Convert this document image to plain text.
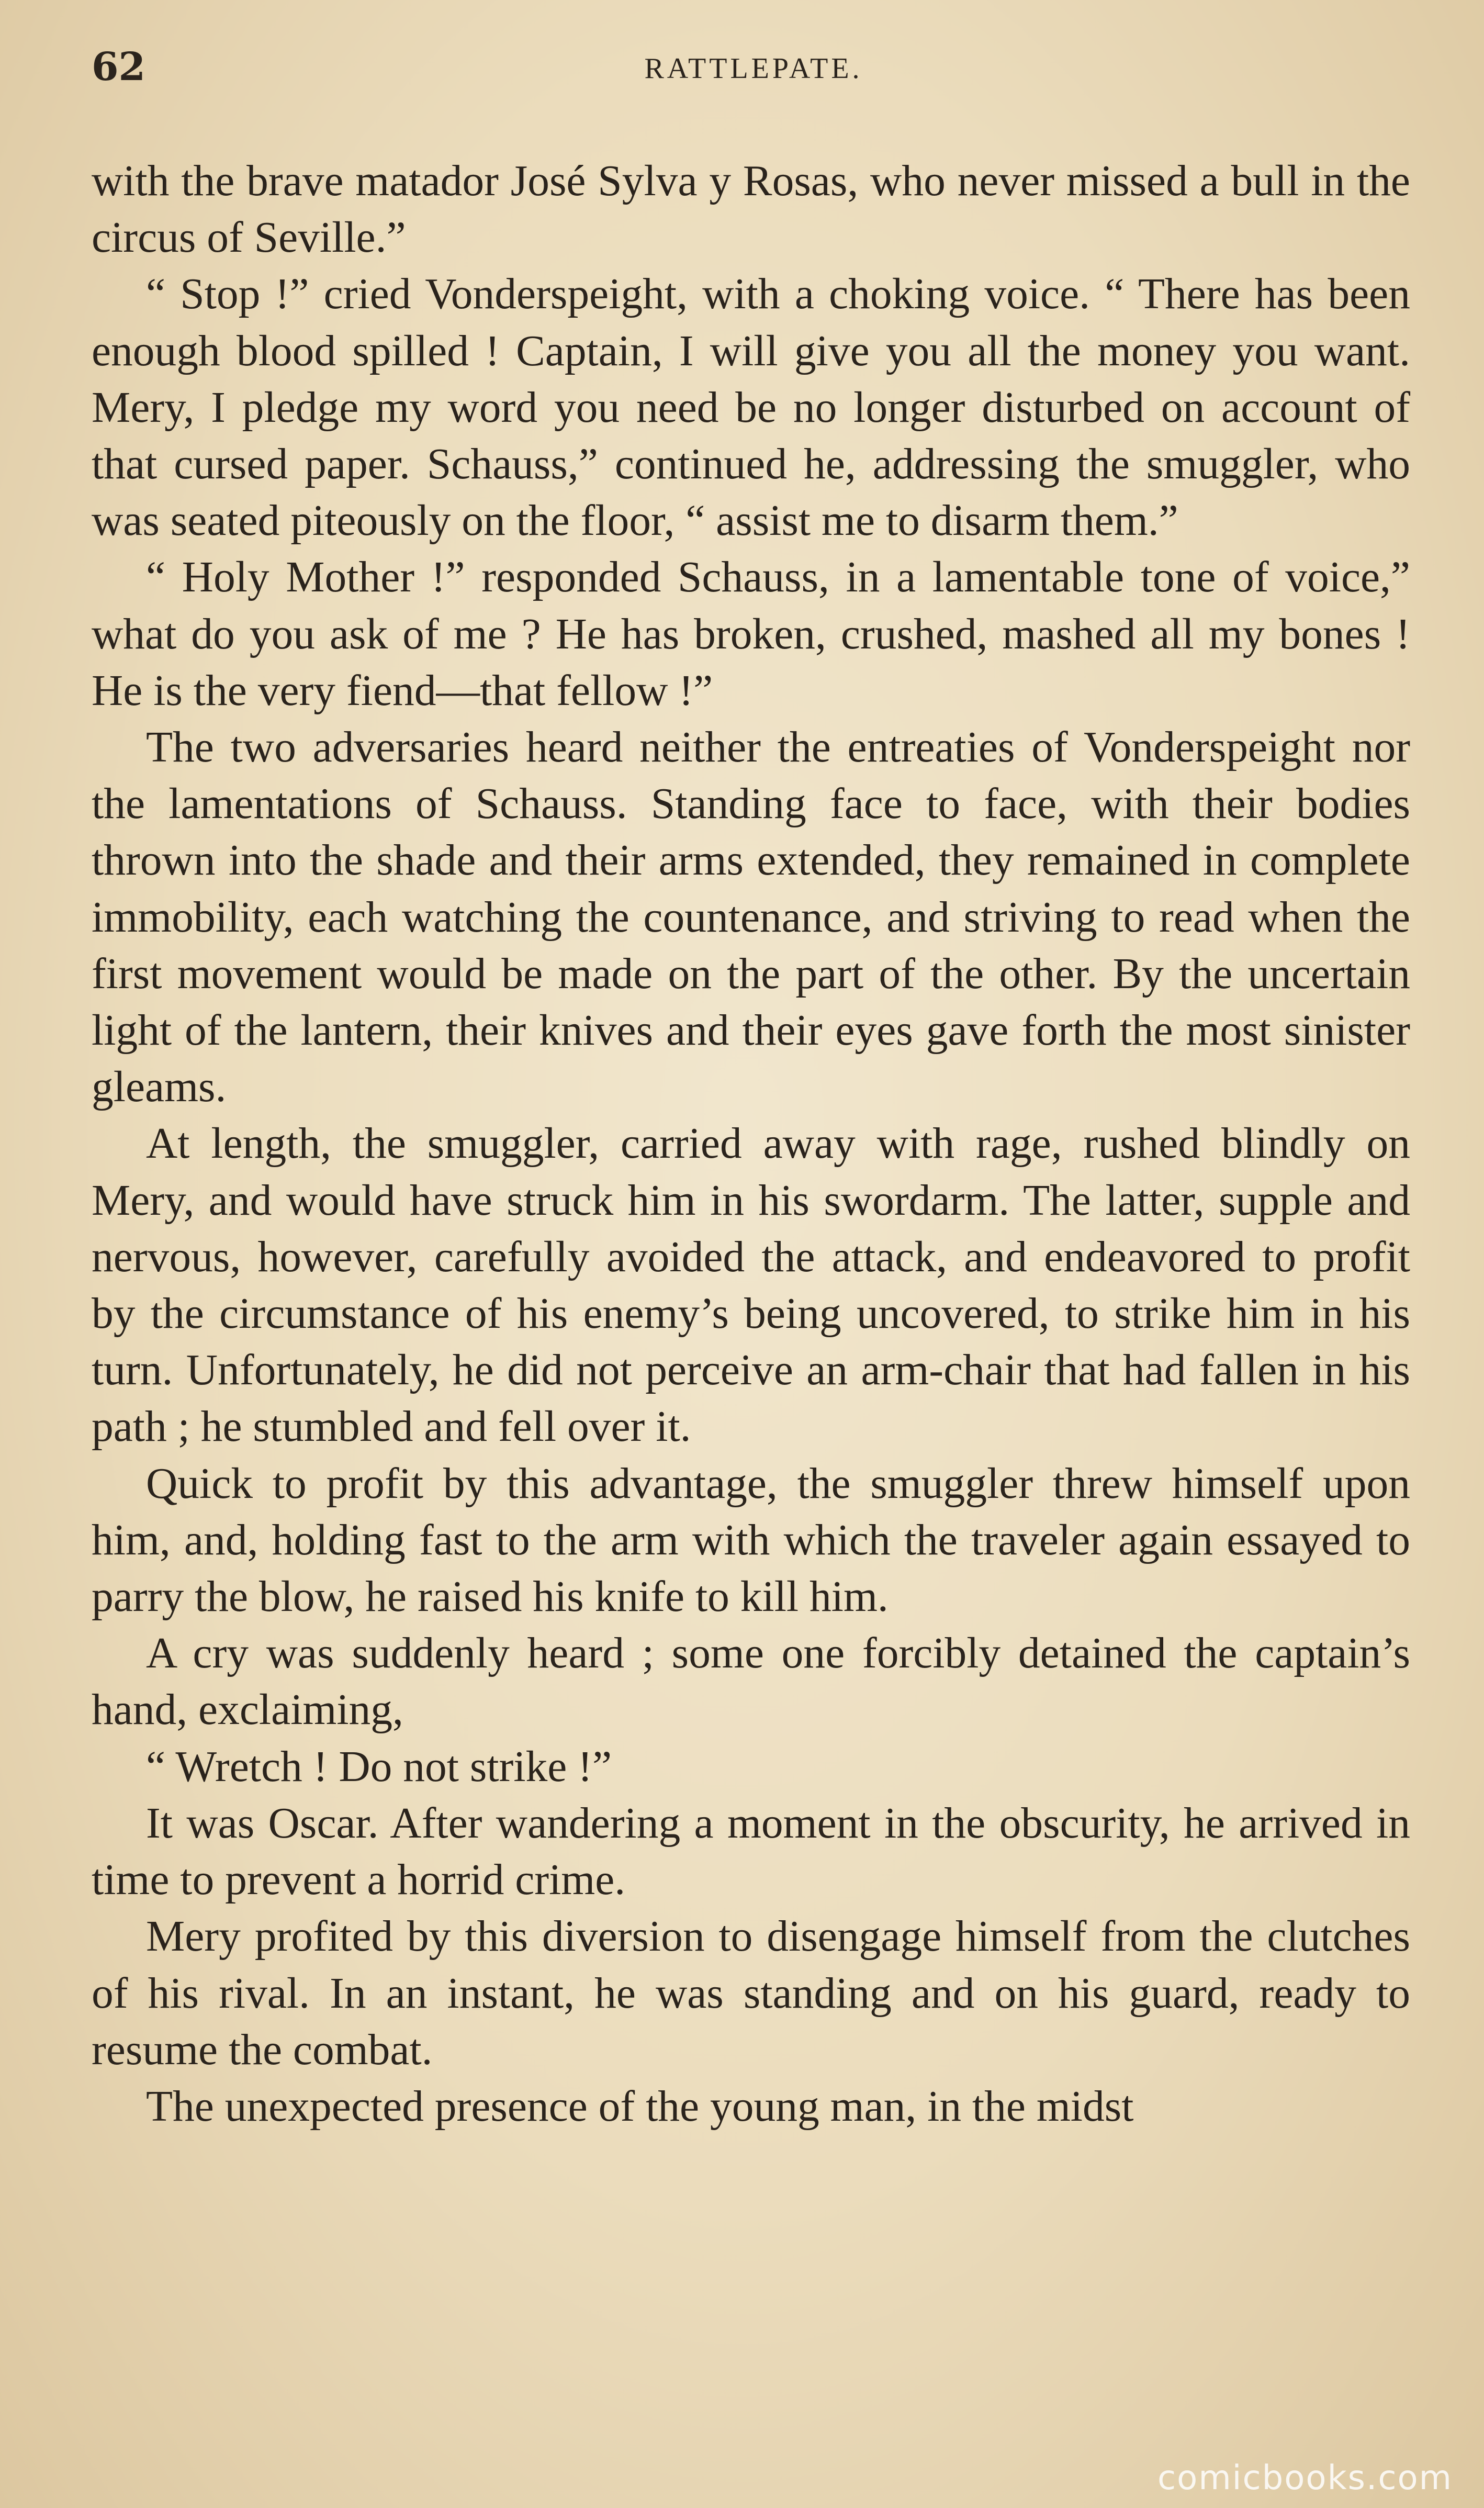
62	RATTLEPATE.

with the brave matador José Sylva y Rosas, who never missed a bull in the circus of Seville.”

“ Stop !” cried Vonderspeight, with a choking voice. “ There has been enough blood spilled ! Captain, I will give you all the money you want. Mery, I pledge my word you need be no longer disturbed on account of that cursed paper. Schauss,” continued he, addressing the smuggler, who was seated piteously on the floor, “ assist me to disarm them.”

“ Holy Mother !” responded Schauss, in a lamentable tone of voice,” what do you ask of me ? He has broken, crushed, mashed all my bones ! He is the very fiend—that fellow !”

The two adversaries heard neither the entreaties of Vonderspeight nor the lamentations of Schauss. Standing face to face, with their bodies thrown into the shade and their arms extended, they remained in complete immobility, each watching the countenance, and striving to read when the first movement would be made on the part of the other. By the uncertain light of the lantern, their knives and their eyes gave forth the most sinister gleams.

At length, the smuggler, carried away with rage, rushed blindly on Mery, and would have struck him in his swordarm. The latter, supple and nervous, however, carefully avoided the attack, and endeavored to profit by the circumstance of his enemy’s being uncovered, to strike him in his turn. Unfortunately, he did not perceive an arm-chair that had fallen in his path ; he stumbled and fell over it.

Quick to profit by this advantage, the smuggler threw himself upon him, and, holding fast to the arm with which the traveler again essayed to parry the blow, he raised his knife to kill him.

A cry was suddenly heard ; some one forcibly detained the captain’s hand, exclaiming,

“ Wretch ! Do not strike !”

It was Oscar. After wandering a moment in the obscurity, he arrived in time to prevent a horrid crime.

Mery profited by this diversion to disengage himself from the clutches of his rival. In an instant, he was standing and on his guard, ready to resume the combat.

The unexpected presence of the young man, in the midst

comicbooks.com
